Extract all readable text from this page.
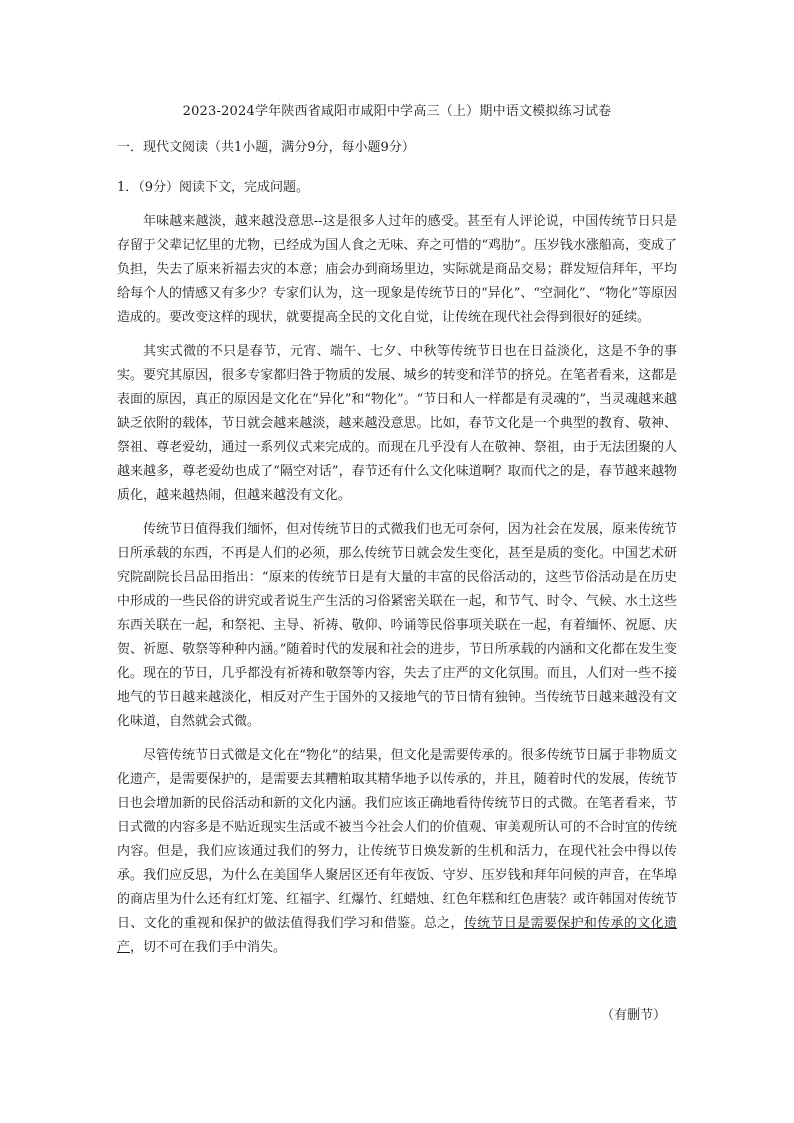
2023-2024学年陕西省咸阳市咸阳中学高三（上）期中语文模拟练习试卷
一．现代文阅读（共1小题，满分9分，每小题9分）
1．（9分）阅读下文，完成问题。

年味越来越淡，越来越没意思--这是很多人过年的感受。甚至有人评论说，中国传统节日只是存留于父辈记忆里的尤物，已经成为国人食之无味、弃之可惜的“鸡肋”。压岁钱水涨船高，变成了负担，失去了原来祈福去灾的本意；庙会办到商场里边，实际就是商品交易；群发短信拜年，平均给每个人的情感又有多少？专家们认为，这一现象是传统节日的“异化”、“空洞化”、“物化”等原因造成的。要改变这样的现状，就要提高全民的文化自觉，让传统在现代社会得到很好的延续。

其实式微的不只是春节，元宵、端午、七夕、中秋等传统节日也在日益淡化，这是不争的事实。要究其原因，很多专家都归咎于物质的发展、城乡的转变和洋节的挤兑。在笔者看来，这都是表面的原因，真正的原因是文化在“异化”和“物化”。“节日和人一样都是有灵魂的”，当灵魂越来越缺乏依附的载体，节日就会越来越淡，越来越没意思。比如，春节文化是一个典型的教育、敬神、祭祖、尊老爱幼，通过一系列仪式来完成的。而现在几乎没有人在敬神、祭祖，由于无法团聚的人越来越多，尊老爱幼也成了“隔空对话”，春节还有什么文化味道啊？取而代之的是，春节越来越物质化，越来越热闹，但越来越没有文化。

传统节日值得我们缅怀，但对传统节日的式微我们也无可奈何，因为社会在发展，原来传统节日所承载的东西，不再是人们的必须，那么传统节日就会发生变化，甚至是质的变化。中国艺术研究院副院长吕品田指出：“原来的传统节日是有大量的丰富的民俗活动的，这些节俗活动是在历史中形成的一些民俗的讲究或者说生产生活的习俗紧密关联在一起，和节气、时令、气候、水土这些东西关联在一起，和祭祀、主导、祈祷、敬仰、吟诵等民俗事项关联在一起，有着缅怀、祝愿、庆贺、祈愿、敬祭等种种内涵。”随着时代的发展和社会的进步，节日所承载的内涵和文化都在发生变化。现在的节日，几乎都没有祈祷和敬祭等内容，失去了庄严的文化氛围。而且，人们对一些不接地气的节日越来越淡化，相反对产生于国外的又接地气的节日情有独钟。当传统节日越来越没有文化味道，自然就会式微。

尽管传统节日式微是文化在“物化”的结果，但文化是需要传承的。很多传统节日属于非物质文化遗产，是需要保护的，是需要去其糟粕取其精华地予以传承的，并且，随着时代的发展，传统节日也会增加新的民俗活动和新的文化内涵。我们应该正确地看待传统节日的式微。在笔者看来，节日式微的内容多是不贴近现实生活或不被当今社会人们的价值观、审美观所认可的不合时宜的传统内容。但是，我们应该通过我们的努力，让传统节日焕发新的生机和活力，在现代社会中得以传承。我们应反思，为什么在美国华人聚居区还有年夜饭、守岁、压岁钱和拜年问候的声音，在华埠的商店里为什么还有红灯笼、红福字、红爆竹、红蜡烛、红色年糕和红色唐装？或许韩国对传统节日、文化的重视和保护的做法值得我们学习和借鉴。总之，传统节日是需要保护和传承的文化遗产，切不可在我们手中消失。

（有删节）
